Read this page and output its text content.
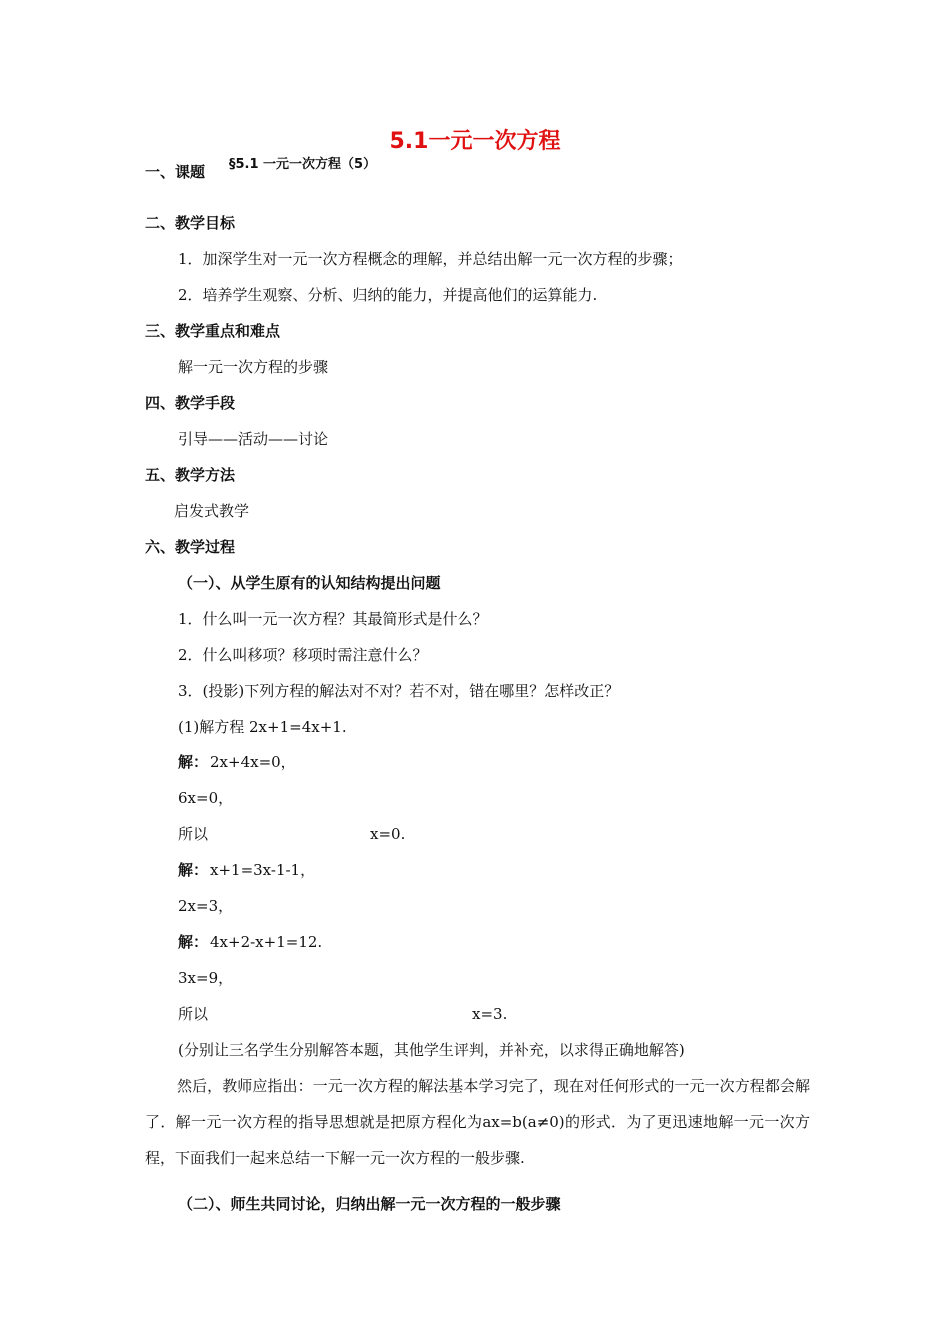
5.1一元一次方程
一、课题 §5.1 一元一次方程（5）
二、教学目标
1．加深学生对一元一次方程概念的理解，并总结出解一元一次方程的步骤；
2．培养学生观察、分析、归纳的能力，并提高他们的运算能力.
三、教学重点和难点
解一元一次方程的步骤
四、教学手段
引导——活动——讨论
五、教学方法
启发式教学
六、教学过程
（一）、从学生原有的认知结构提出问题
1．什么叫一元一次方程？其最简形式是什么？
2．什么叫移项？移项时需注意什么？
3．(投影)下列方程的解法对不对？若不对，错在哪里？怎样改正？
(1)解方程 2x+1=4x+1.
解： 2x+4x=0，
6x=0，
所以	x=0.
解： x+1=3x-1-1，
2x=3，
解： 4x+2-x+1=12.
3x=9，
所以	x=3.
(分别让三名学生分别解答本题，其他学生评判，并补充，以求得正确地解答)
然后，教师应指出：一元一次方程的解法基本学习完了，现在对任何形式的一元一次方程都会解了．解一元一次方程的指导思想就是把原方程化为ax=b(a≠0)的形式．为了更迅速地解一元一次方程，下面我们一起来总结一下解一元一次方程的一般步骤.
（二）、师生共同讨论，归纳出解一元一次方程的一般步骤
